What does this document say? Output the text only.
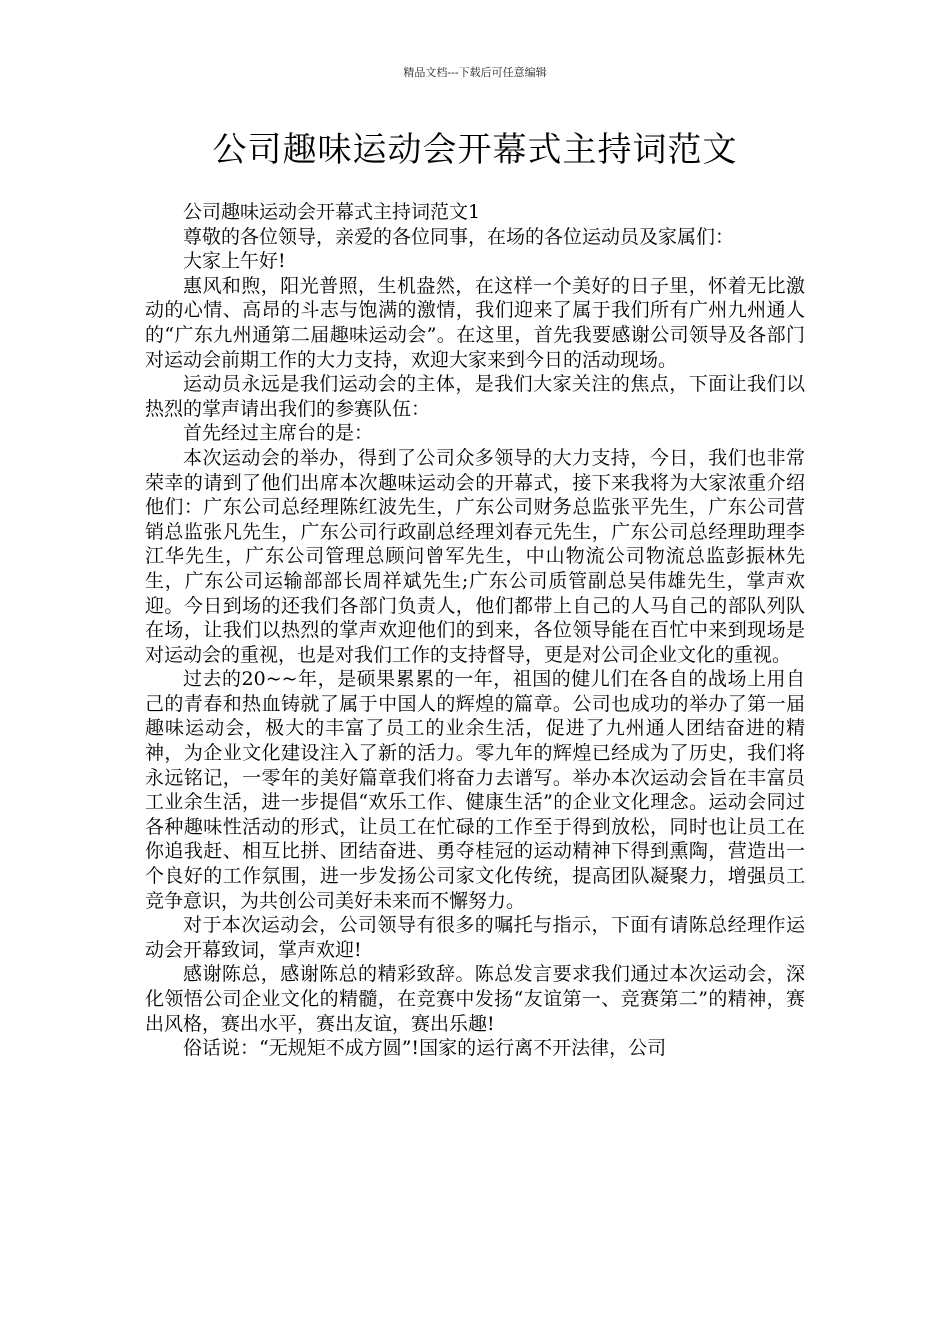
精品文档---下载后可任意编辑
公司趣味运动会开幕式主持词范文

公司趣味运动会开幕式主持词范文1

尊敬的各位领导，亲爱的各位同事，在场的各位运动员及家属们：

大家上午好!

惠风和煦，阳光普照，生机盎然，在这样一个美好的日子里，怀着无比激动的心情、高昂的斗志与饱满的激情，我们迎来了属于我们所有广州九州通人的“广东九州通第二届趣味运动会”。在这里，首先我要感谢公司领导及各部门对运动会前期工作的大力支持，欢迎大家来到今日的活动现场。

运动员永远是我们运动会的主体，是我们大家关注的焦点，下面让我们以热烈的掌声请出我们的参赛队伍：

首先经过主席台的是：

本次运动会的举办，得到了公司众多领导的大力支持，今日，我们也非常荣幸的请到了他们出席本次趣味运动会的开幕式，接下来我将为大家浓重介绍他们：广东公司总经理陈红波先生，广东公司财务总监张平先生，广东公司营销总监张凡先生，广东公司行政副总经理刘春元先生，广东公司总经理助理李江华先生，广东公司管理总顾问曾军先生，中山物流公司物流总监彭振林先生，广东公司运输部部长周祥斌先生;广东公司质管副总吴伟雄先生，掌声欢迎。今日到场的还我们各部门负责人，他们都带上自己的人马自己的部队列队在场，让我们以热烈的掌声欢迎他们的到来，各位领导能在百忙中来到现场是对运动会的重视，也是对我们工作的支持督导，更是对公司企业文化的重视。

过去的20~~年，是硕果累累的一年，祖国的健儿们在各自的战场上用自己的青春和热血铸就了属于中国人的辉煌的篇章。公司也成功的举办了第一届趣味运动会，极大的丰富了员工的业余生活，促进了九州通人团结奋进的精神，为企业文化建设注入了新的活力。零九年的辉煌已经成为了历史，我们将永远铭记，一零年的美好篇章我们将奋力去谱写。举办本次运动会旨在丰富员工业余生活，进一步提倡“欢乐工作、健康生活”的企业文化理念。运动会同过各种趣味性活动的形式，让员工在忙碌的工作至于得到放松，同时也让员工在你追我赶、相互比拼、团结奋进、勇夺桂冠的运动精神下得到熏陶，营造出一个良好的工作氛围，进一步发扬公司家文化传统，提高团队凝聚力，增强员工竞争意识，为共创公司美好未来而不懈努力。

对于本次运动会，公司领导有很多的嘱托与指示，下面有请陈总经理作运动会开幕致词，掌声欢迎!

感谢陈总，感谢陈总的精彩致辞。陈总发言要求我们通过本次运动会，深化领悟公司企业文化的精髓，在竞赛中发扬“友谊第一、竞赛第二”的精神，赛出风格，赛出水平，赛出友谊，赛出乐趣!

俗话说：“无规矩不成方圆”!国家的运行离不开法律，公司
